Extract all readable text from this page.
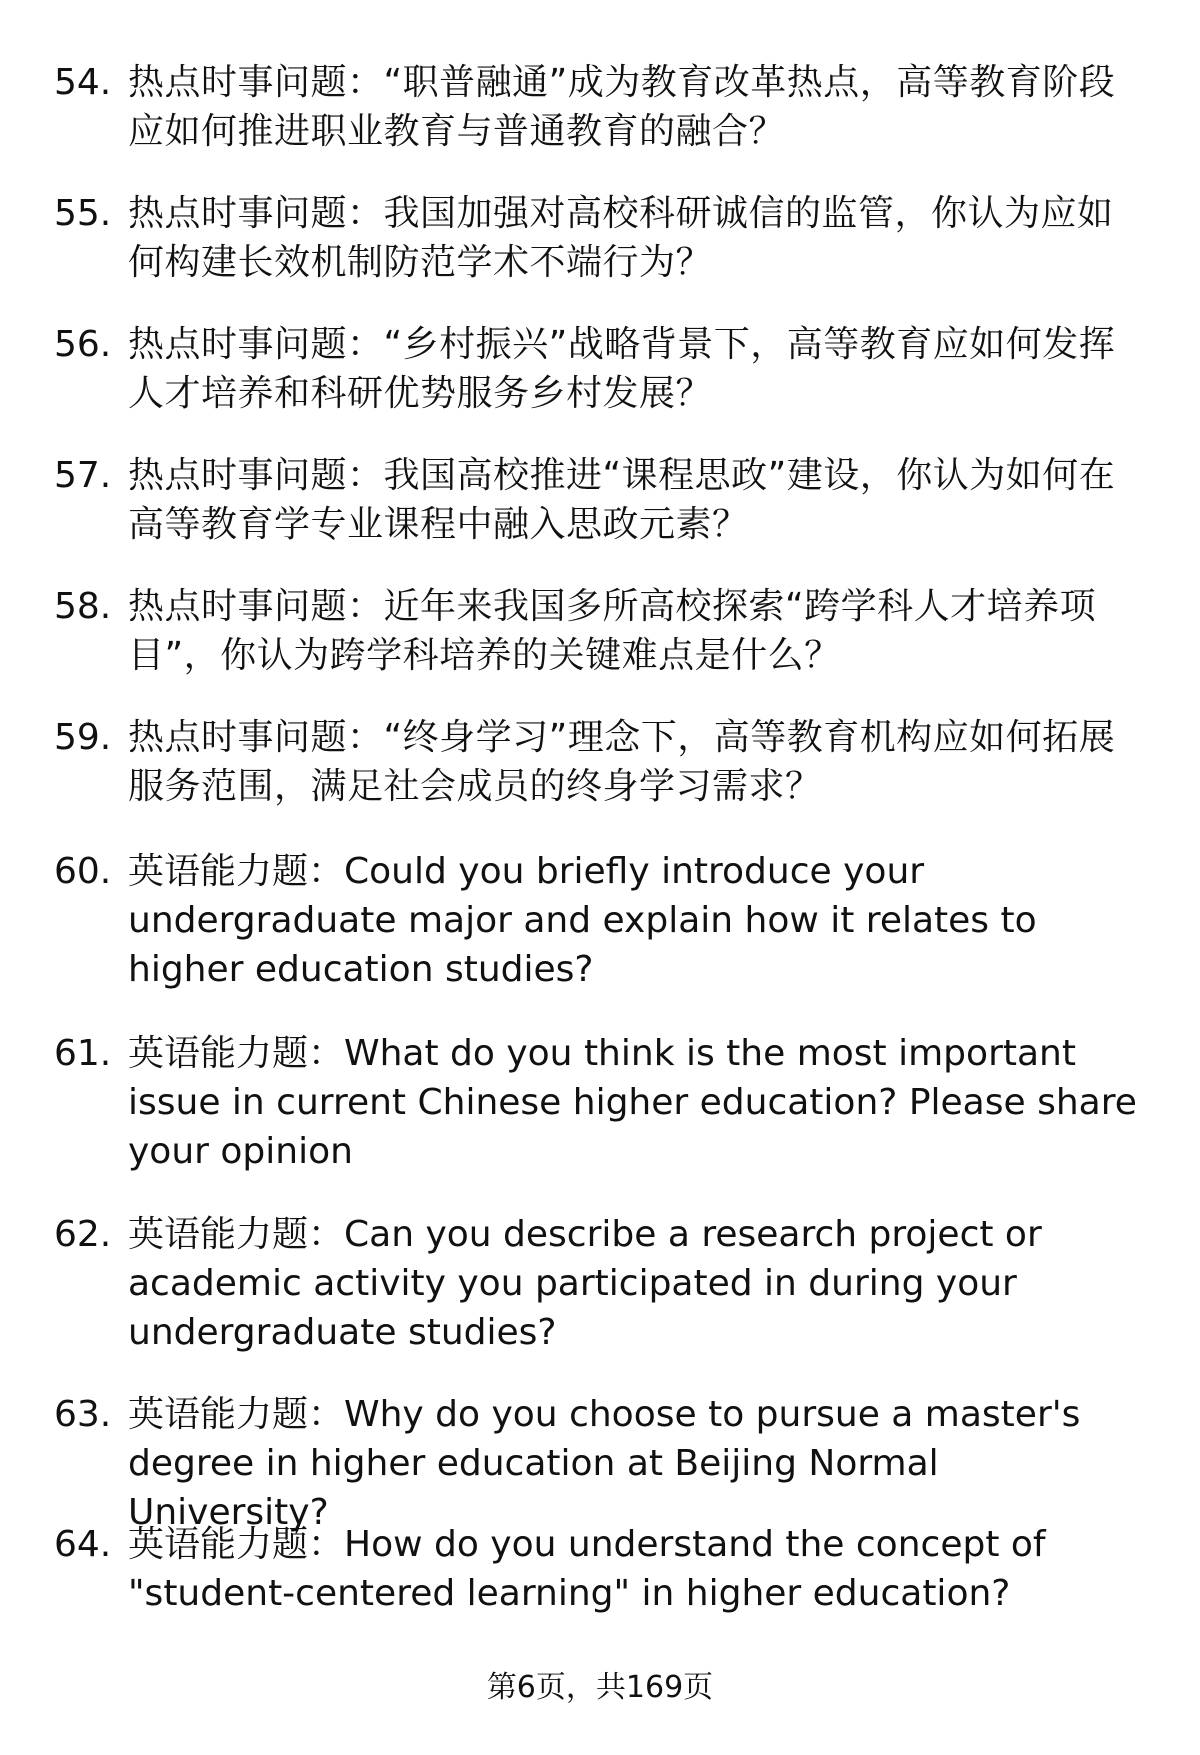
54. 热点时事问题：“职普融通”成为教育改革热点，高等教育阶段应如何推进职业教育与普通教育的融合？
55. 热点时事问题：我国加强对高校科研诚信的监管，你认为应如何构建长效机制防范学术不端行为？
56. 热点时事问题：“乡村振兴”战略背景下，高等教育应如何发挥人才培养和科研优势服务乡村发展？
57. 热点时事问题：我国高校推进“课程思政”建设，你认为如何在高等教育学专业课程中融入思政元素？
58. 热点时事问题：近年来我国多所高校探索“跨学科人才培养项目”，你认为跨学科培养的关键难点是什么？
59. 热点时事问题：“终身学习”理念下，高等教育机构应如何拓展服务范围，满足社会成员的终身学习需求？
60. 英语能力题：Could you briefly introduce your undergraduate major and explain how it relates to higher education studies?
61. 英语能力题：What do you think is the most important issue in current Chinese higher education? Please share your opinion
62. 英语能力题：Can you describe a research project or academic activity you participated in during your undergraduate studies?
63. 英语能力题：Why do you choose to pursue a master's degree in higher education at Beijing Normal University?
64. 英语能力题：How do you understand the concept of "student-centered learning" in higher education?
第6页，共169页
